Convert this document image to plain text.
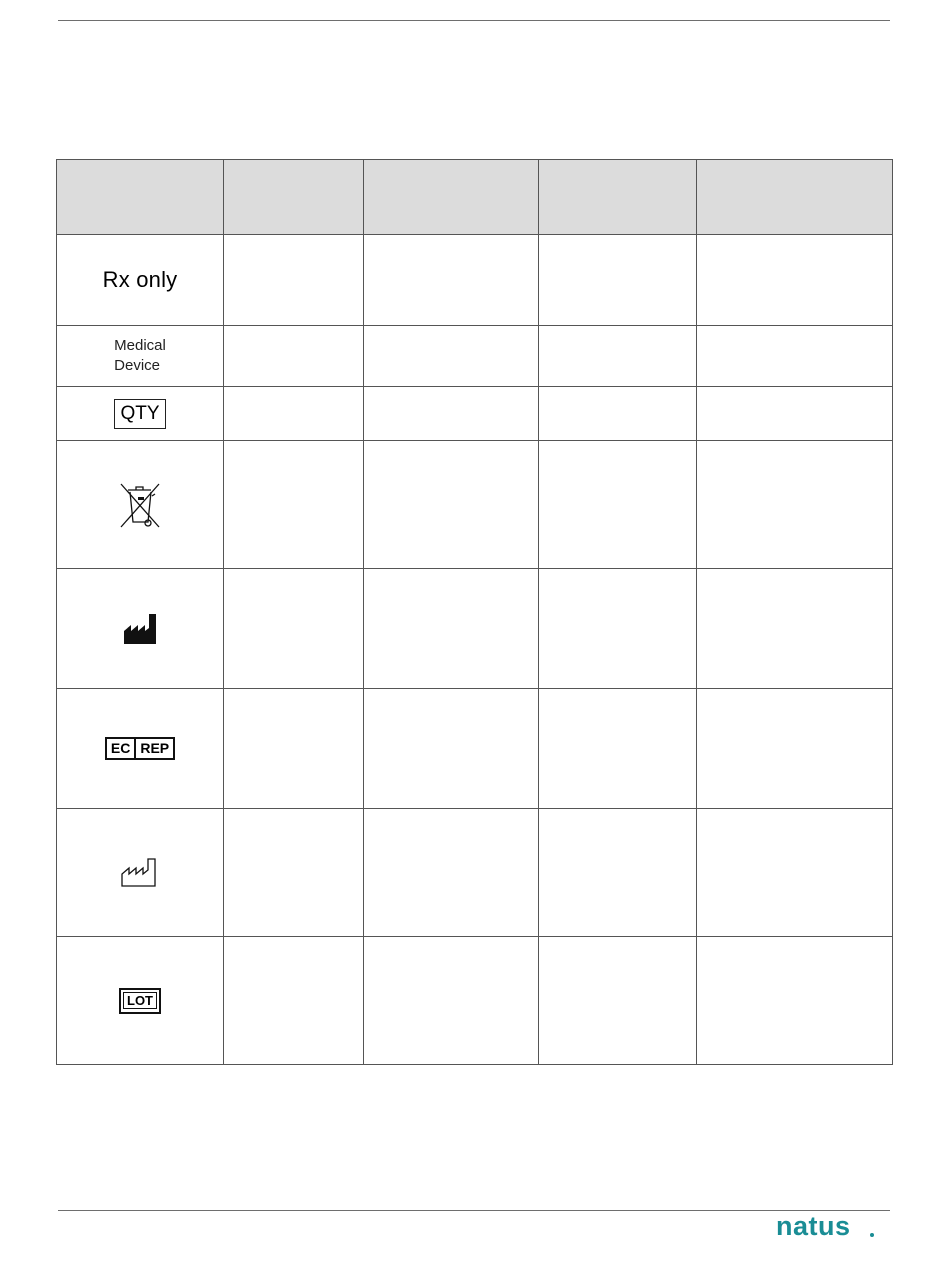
Rx only				
Medical
Device				
QTY				

EC REP				

LOT				
natus
